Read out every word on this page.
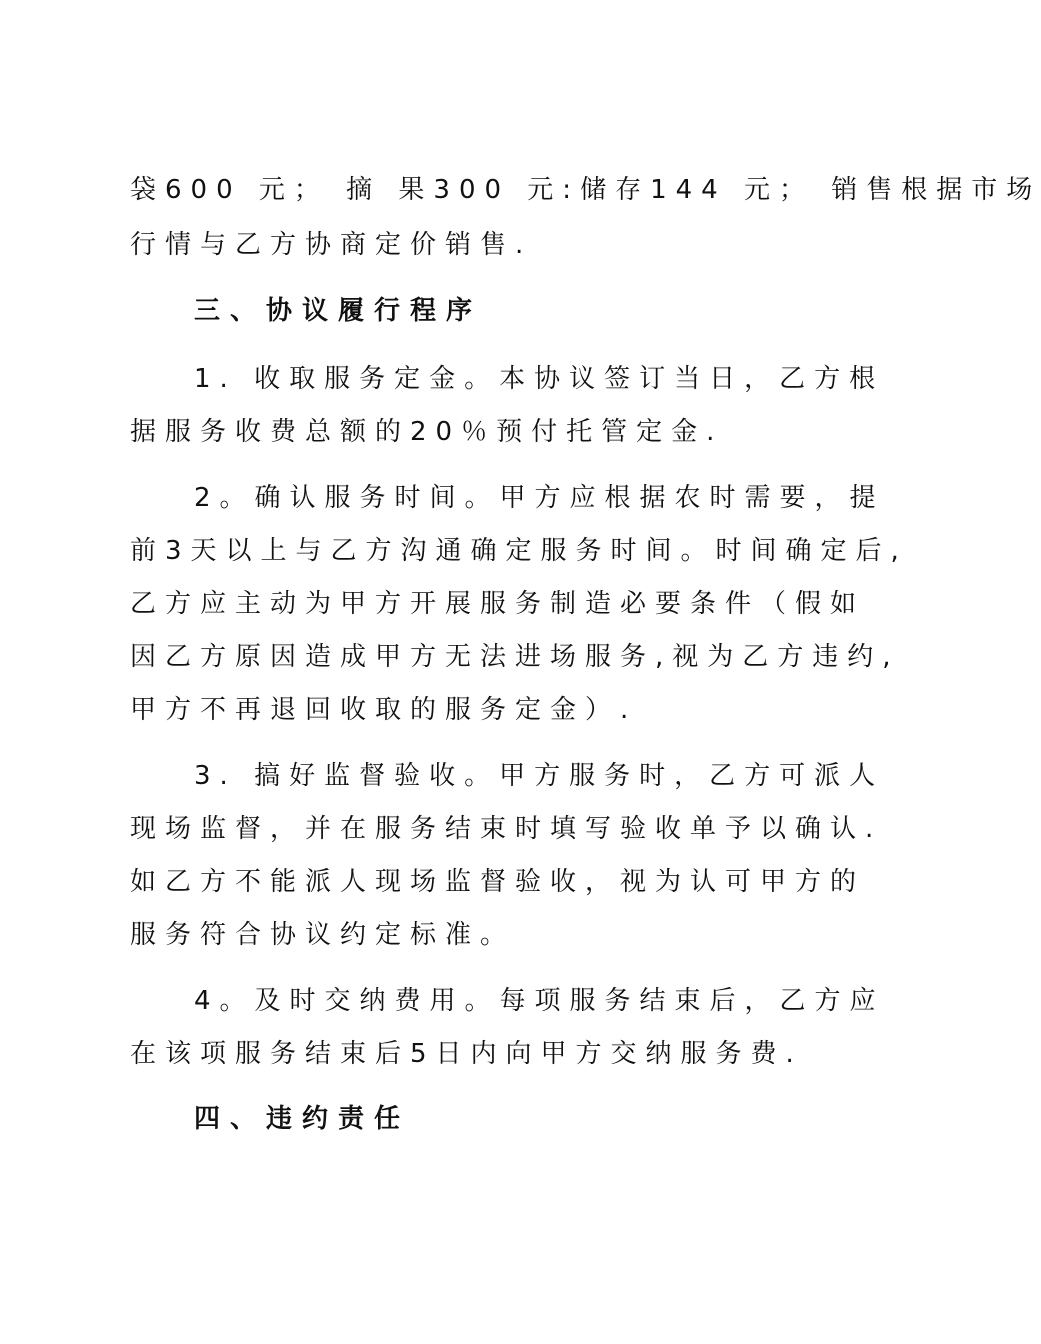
袋600 元； 摘 果300 元:储存144 元； 销售根据市场
行情与乙方协商定价销售.
三、协议履行程序
1. 收取服务定金。本协议签订当日，乙方根
据服务收费总额的20％预付托管定金.
2。确认服务时间。甲方应根据农时需要，提
前3天以上与乙方沟通确定服务时间。时间确定后,
乙方应主动为甲方开展服务制造必要条件（假如
因乙方原因造成甲方无法进场服务,视为乙方违约,
甲方不再退回收取的服务定金）.
3. 搞好监督验收。甲方服务时，乙方可派人
现场监督，并在服务结束时填写验收单予以确认.
如乙方不能派人现场监督验收，视为认可甲方的
服务符合协议约定标准。
4。及时交纳费用。每项服务结束后，乙方应
在该项服务结束后5日内向甲方交纳服务费.
四、违约责任
